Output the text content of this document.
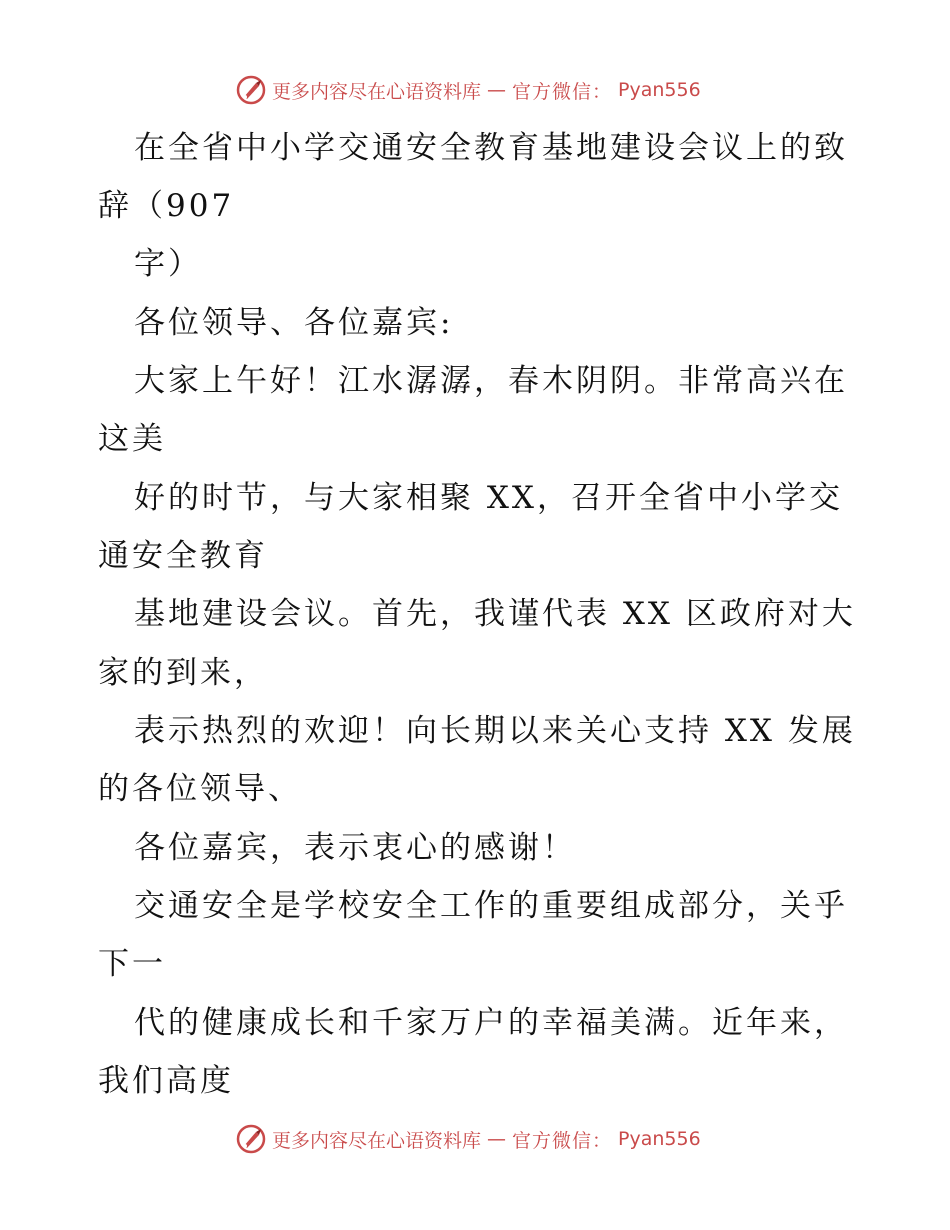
更多内容尽在心语资料库 — 官方微信： Pyan556
在全省中小学交通安全教育基地建设会议上的致
辞（907
字）
各位领导、各位嘉宾:
大家上午好！江水潺潺，春木阴阴。非常高兴在
这美
好的时节，与大家相聚 XX，召开全省中小学交
通安全教育
基地建设会议。首先，我谨代表 XX 区政府对大
家的到来，
表示热烈的欢迎！向长期以来关心支持 XX 发展
的各位领导、
各位嘉宾，表示衷心的感谢！
交通安全是学校安全工作的重要组成部分，关乎
下一
代的健康成长和千家万户的幸福美满。近年来，
我们高度
更多内容尽在心语资料库 — 官方微信： Pyan556
